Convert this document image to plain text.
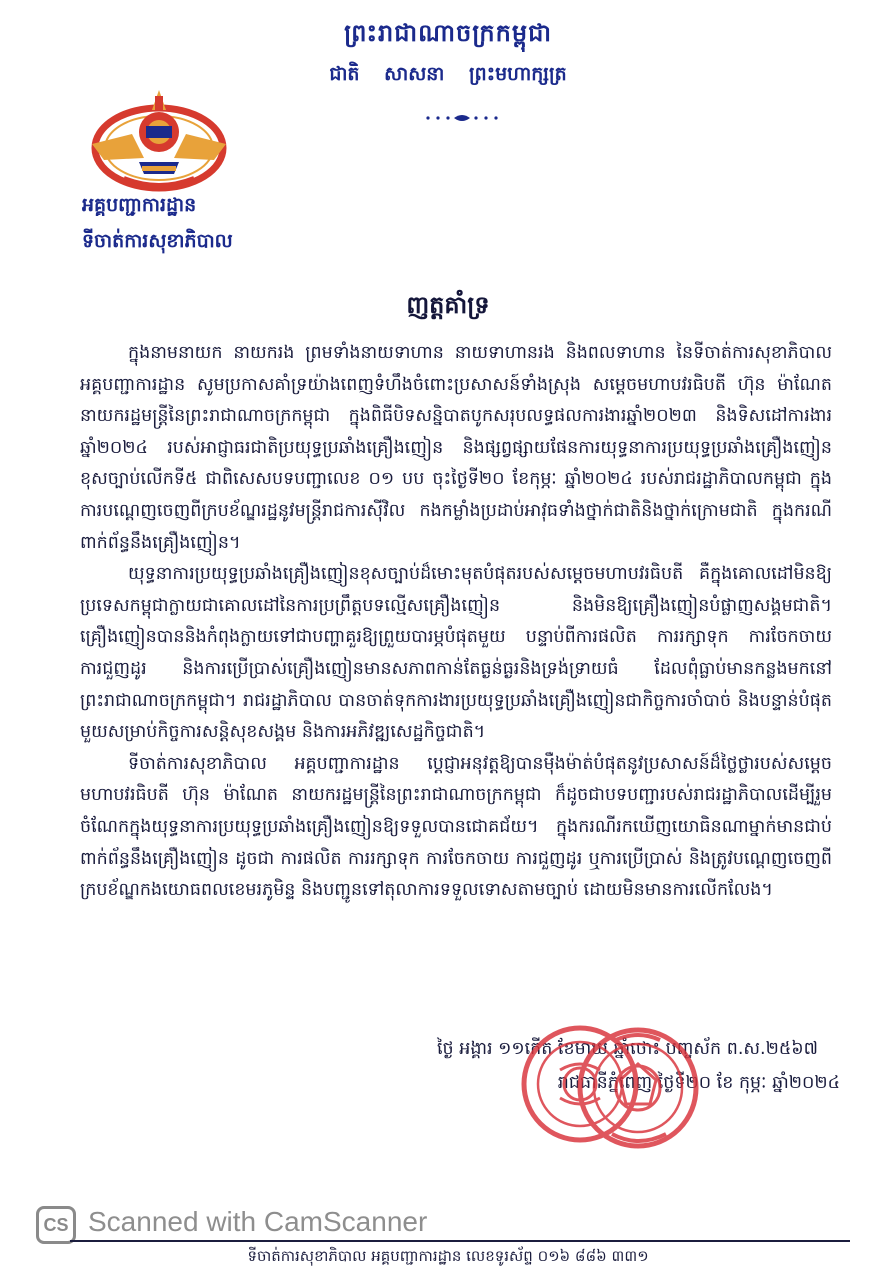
ព្រះរាជាណាចក្រកម្ពុជា
ជាតិ សាសនា ព្រះមហាក្សត្រ
អគ្គបញ្ជាការដ្ឋាន
ទីចាត់ការសុខាភិបាល
ញត្តគាំទ្រ

ក្នុងនាមនាយក នាយករង ព្រមទាំងនាយទាហាន នាយទាហានរង និងពលទាហាន នៃទីចាត់ការសុខាភិបាល អគ្គបញ្ជាការដ្ឋាន សូមប្រកាសគាំទ្រយ៉ាងពេញទំហឹងចំពោះប្រសាសន៍ទាំងស្រុង សម្តេចមហាបវរធិបតី ហ៊ុន ម៉ាណែត នាយករដ្ឋមន្ត្រីនៃព្រះរាជាណាចក្រកម្ពុជា ក្នុងពិធីបិទសន្និបាតបូកសរុបលទ្ធផលការងារឆ្នាំ២០២៣ និងទិសដៅការងារឆ្នាំ២០២៤ របស់អាជ្ញាធរជាតិប្រយុទ្ធប្រឆាំងគ្រឿងញៀន និងផ្សព្វផ្សាយផែនការយុទ្ធនាការប្រយុទ្ធប្រឆាំងគ្រឿងញៀនខុសច្បាប់លើកទី៥ ជាពិសេសបទបញ្ជាលេខ ០១ បប ចុះថ្ងៃទី២០ ខែកុម្ភៈ ឆ្នាំ២០២៤ របស់រាជរដ្ឋាភិបាលកម្ពុជា ក្នុងការបណ្តេញចេញពីក្របខ័ណ្ឌរដ្ឋនូវមន្ត្រីរាជការស៊ីវិល កងកម្លាំងប្រដាប់អាវុធទាំងថ្នាក់ជាតិនិងថ្នាក់ក្រោមជាតិ ក្នុងករណីពាក់ព័ន្ធនឹងគ្រឿងញៀន។

យុទ្ធនាការប្រយុទ្ធប្រឆាំងគ្រឿងញៀនខុសច្បាប់ដ៏មោះមុតបំផុតរបស់សម្តេចមហាបវរធិបតី គឺក្នុងគោលដៅមិនឱ្យប្រទេសកម្ពុជាក្លាយជាគោលដៅនៃការប្រព្រឹត្តបទល្មើសគ្រឿងញៀន និងមិនឱ្យគ្រឿងញៀនបំផ្លាញសង្គមជាតិ។ គ្រឿងញៀនបាននិងកំពុងក្លាយទៅជាបញ្ហាគួរឱ្យព្រួយបារម្ភបំផុតមួយ បន្ទាប់ពីការផលិត ការរក្សាទុក ការចែកចាយ ការជួញដូរ និងការប្រើប្រាស់គ្រឿងញៀនមានសភាពកាន់តែធ្ងន់ធ្ងរនិងទ្រង់ទ្រាយធំ ដែលពុំធ្លាប់មានកន្លងមកនៅព្រះរាជាណាចក្រកម្ពុជា។ រាជរដ្ឋាភិបាល បានចាត់ទុកការងារប្រយុទ្ធប្រឆាំងគ្រឿងញៀនជាកិច្ចការចាំបាច់ និងបន្ទាន់បំផុតមួយសម្រាប់កិច្ចការសន្តិសុខសង្គម និងការអភិវឌ្ឍសេដ្ឋកិច្ចជាតិ។

ទីចាត់ការសុខាភិបាល អគ្គបញ្ជាការដ្ឋាន ប្តេជ្ញាអនុវត្តឱ្យបានម៉ឺងម៉ាត់បំផុតនូវប្រសាសន៍ដ៏ថ្លៃថ្លារបស់សម្តេចមហាបវរធិបតី ហ៊ុន ម៉ាណែត នាយករដ្ឋមន្ត្រីនៃព្រះរាជាណាចក្រកម្ពុជា ក៏ដូចជាបទបញ្ជារបស់រាជរដ្ឋាភិបាលដើម្បីរួមចំណែកក្នុងយុទ្ធនាការប្រយុទ្ធប្រឆាំងគ្រឿងញៀនឱ្យទទួលបានជោគជ័យ។ ក្នុងករណីរកឃើញយោធិនណាម្នាក់មានជាប់ពាក់ព័ន្ធនឹងគ្រឿងញៀន ដូចជា ការផលិត ការរក្សាទុក ការចែកចាយ ការជួញដូរ ឬការប្រើប្រាស់ និងត្រូវបណ្តេញចេញពីក្របខ័ណ្ឌកងយោធពលខេមរភូមិន្ទ និងបញ្ជូនទៅតុលាការទទួលទោសតាមច្បាប់ ដោយមិនមានការលើកលែង។

ថ្ងៃ អង្គារ ១១កើត ខែមាឃ ឆ្នាំថោះ បញ្ចស័ក ព.ស.២៥៦៧
រាជធានីភ្នំពេញ ថ្ងៃទី២០ ខែ កុម្ភៈ ឆ្នាំ២០២៤
CS Scanned with CamScanner
ទីចាត់ការសុខាភិបាល អគ្គបញ្ជាការដ្ឋាន លេខទូរស័ព្ទ ០១៦ ៨៨៦ ៣៣១
